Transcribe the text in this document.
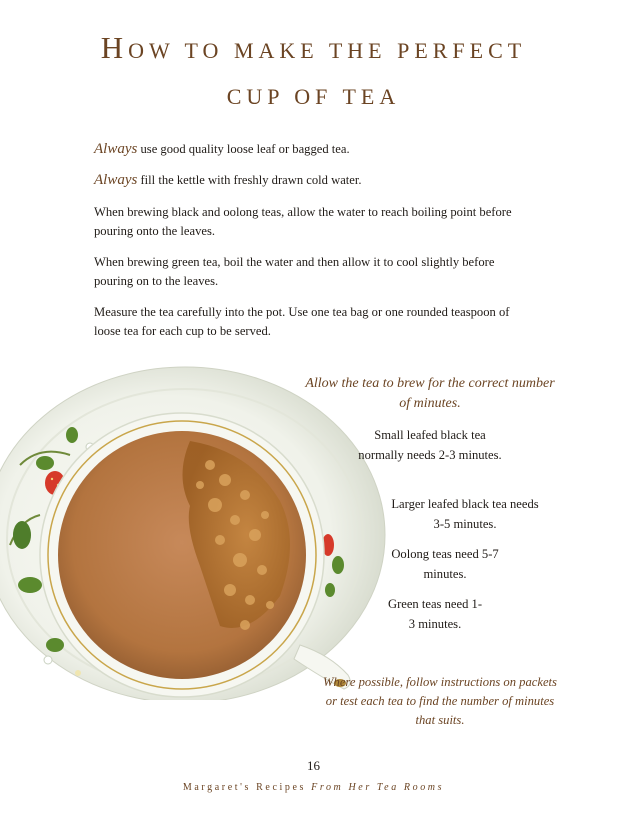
HOW TO MAKE THE PERFECT
CUP OF TEA
Always use good quality loose leaf or bagged tea.
Always fill the kettle with freshly drawn cold water.
When brewing black and oolong teas, allow the water to reach boiling point before pouring onto the leaves.
When brewing green tea, boil the water and then allow it to cool slightly before pouring on to the leaves.
Measure the tea carefully into the pot. Use one tea bag or one rounded teaspoon of loose tea for each cup to be served.
Allow the tea to brew for the correct number of minutes.
Small leafed black tea normally needs 2-3 minutes.
Larger leafed black tea needs 3-5 minutes.
Oolong teas need 5-7 minutes.
Green teas need 1-3 minutes.
Where possible, follow instructions on packets or test each tea to find the number of minutes that suits.
16
Margaret's Recipes From Her Tea Rooms
